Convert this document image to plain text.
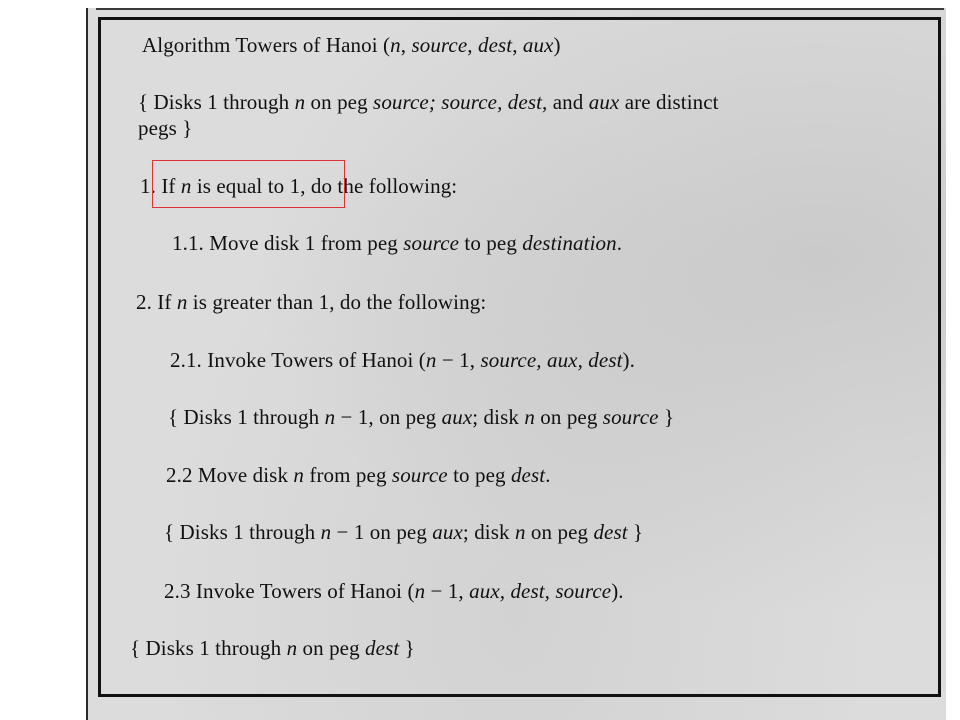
Algorithm Towers of Hanoi (n, source, dest, aux)
{ Disks 1 through n on peg source; source, dest, and aux are distinct
pegs }
1. If n is equal to 1, do the following:
1.1. Move disk 1 from peg source to peg destination.
2. If n is greater than 1, do the following:
2.1. Invoke Towers of Hanoi (n − 1, source, aux, dest).
{ Disks 1 through n − 1, on peg aux; disk n on peg source }
2.2 Move disk n from peg source to peg dest.
{ Disks 1 through n − 1 on peg aux; disk n on peg dest }
2.3 Invoke Towers of Hanoi (n − 1, aux, dest, source).
{ Disks 1 through n on peg dest }
